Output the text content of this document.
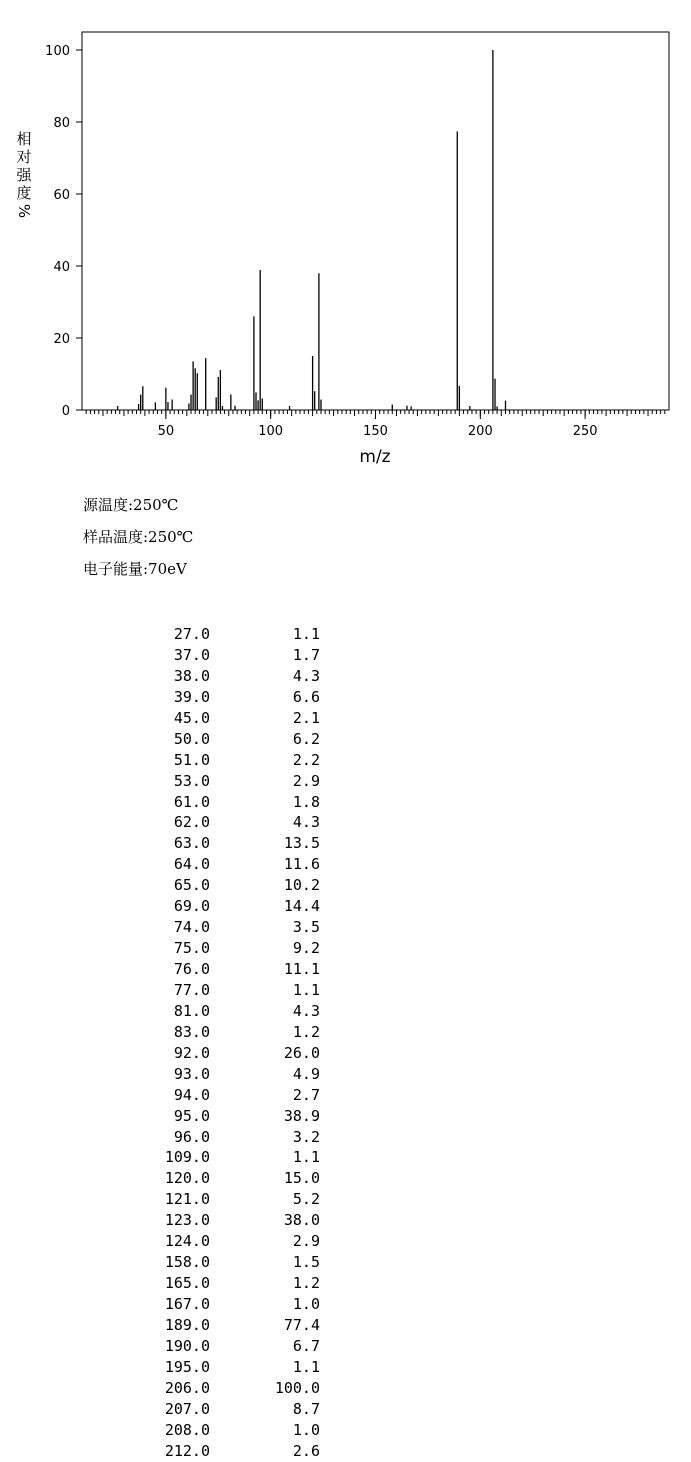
50	100	150	200	250
0
20
40
60
80
100
m/z
相
对
强
度
%
源温度:250℃
样品温度:250℃
电子能量:70eV
27.0	1.1
37.0	1.7
38.0	4.3
39.0	6.6
45.0	2.1
50.0	6.2
51.0	2.2
53.0	2.9
61.0	1.8
62.0	4.3
63.0	13.5
64.0	11.6
65.0	10.2
69.0	14.4
74.0	3.5
75.0	9.2
76.0	11.1
77.0	1.1
81.0	4.3
83.0	1.2
92.0	26.0
93.0	4.9
94.0	2.7
95.0	38.9
96.0	3.2
109.0	1.1
120.0	15.0
121.0	5.2
123.0	38.0
124.0	2.9
158.0	1.5
165.0	1.2
167.0	1.0
189.0	77.4
190.0	6.7
195.0	1.1
206.0	100.0
207.0	8.7
208.0	1.0
212.0	2.6
